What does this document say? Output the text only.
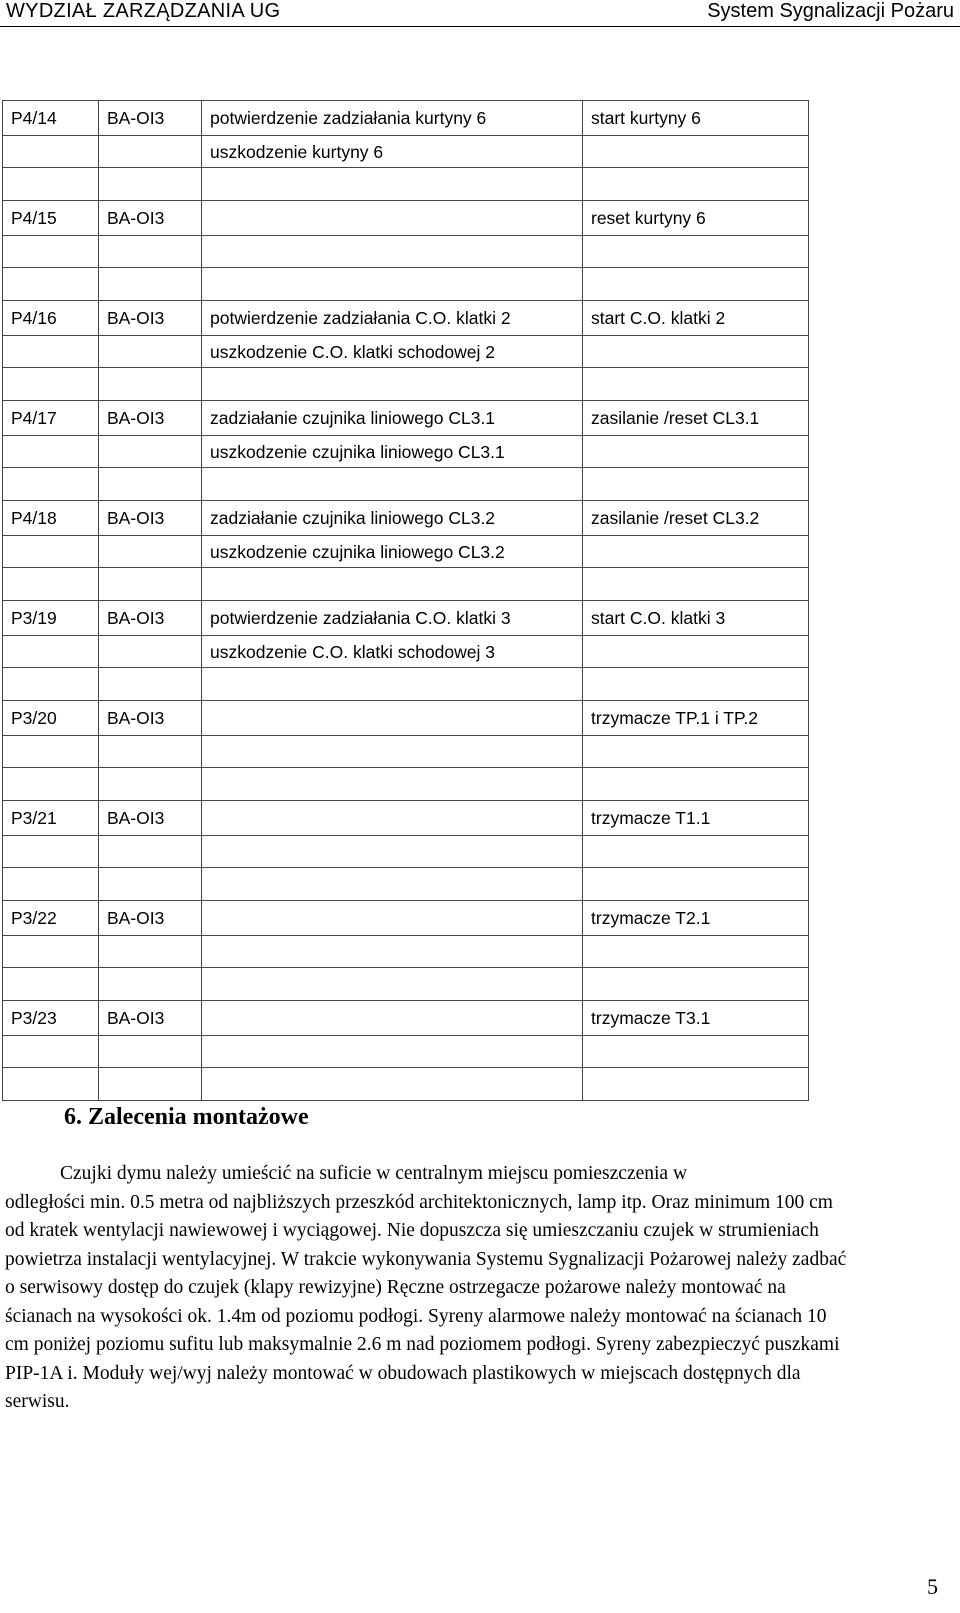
WYDZIAŁ ZARZĄDZANIA UG	System Sygnalizacji Pożaru
P4/14	BA-OI3	potwierdzenie zadziałania kurtyny 6	start kurtyny 6
		uszkodzenie kurtyny 6	

P4/15	BA-OI3		reset kurtyny 6

P4/16	BA-OI3	potwierdzenie zadziałania C.O. klatki 2	start C.O. klatki 2
		uszkodzenie C.O. klatki schodowej 2	

P4/17	BA-OI3	zadziałanie czujnika liniowego CL3.1	zasilanie /reset CL3.1
		uszkodzenie czujnika liniowego CL3.1	

P4/18	BA-OI3	zadziałanie czujnika liniowego CL3.2	zasilanie /reset CL3.2
		uszkodzenie czujnika liniowego CL3.2	

P3/19	BA-OI3	potwierdzenie zadziałania C.O. klatki 3	start C.O. klatki 3
		uszkodzenie C.O. klatki schodowej 3	

P3/20	BA-OI3		trzymacze TP.1 i TP.2

P3/21	BA-OI3		trzymacze T1.1

P3/22	BA-OI3		trzymacze T2.1

P3/23	BA-OI3		trzymacze T3.1

6. Zalecenia montażowe
Czujki dymu należy umieścić na suficie w centralnym miejscu pomieszczenia w
odległości min. 0.5 metra od najbliższych przeszkód architektonicznych, lamp itp. Oraz minimum 100 cm od kratek wentylacji nawiewowej i wyciągowej. Nie dopuszcza się umieszczaniu czujek w strumieniach powietrza instalacji wentylacyjnej. W trakcie wykonywania Systemu Sygnalizacji Pożarowej należy zadbać o serwisowy dostęp do czujek (klapy rewizyjne) Ręczne ostrzegacze pożarowe należy montować na ścianach na wysokości ok. 1.4m od poziomu podłogi. Syreny alarmowe należy montować na ścianach 10 cm poniżej poziomu sufitu lub maksymalnie 2.6 m nad poziomem podłogi. Syreny zabezpieczyć puszkami PIP-1A i. Moduły wej/wyj należy montować w obudowach plastikowych w miejscach dostępnych dla serwisu.
5
